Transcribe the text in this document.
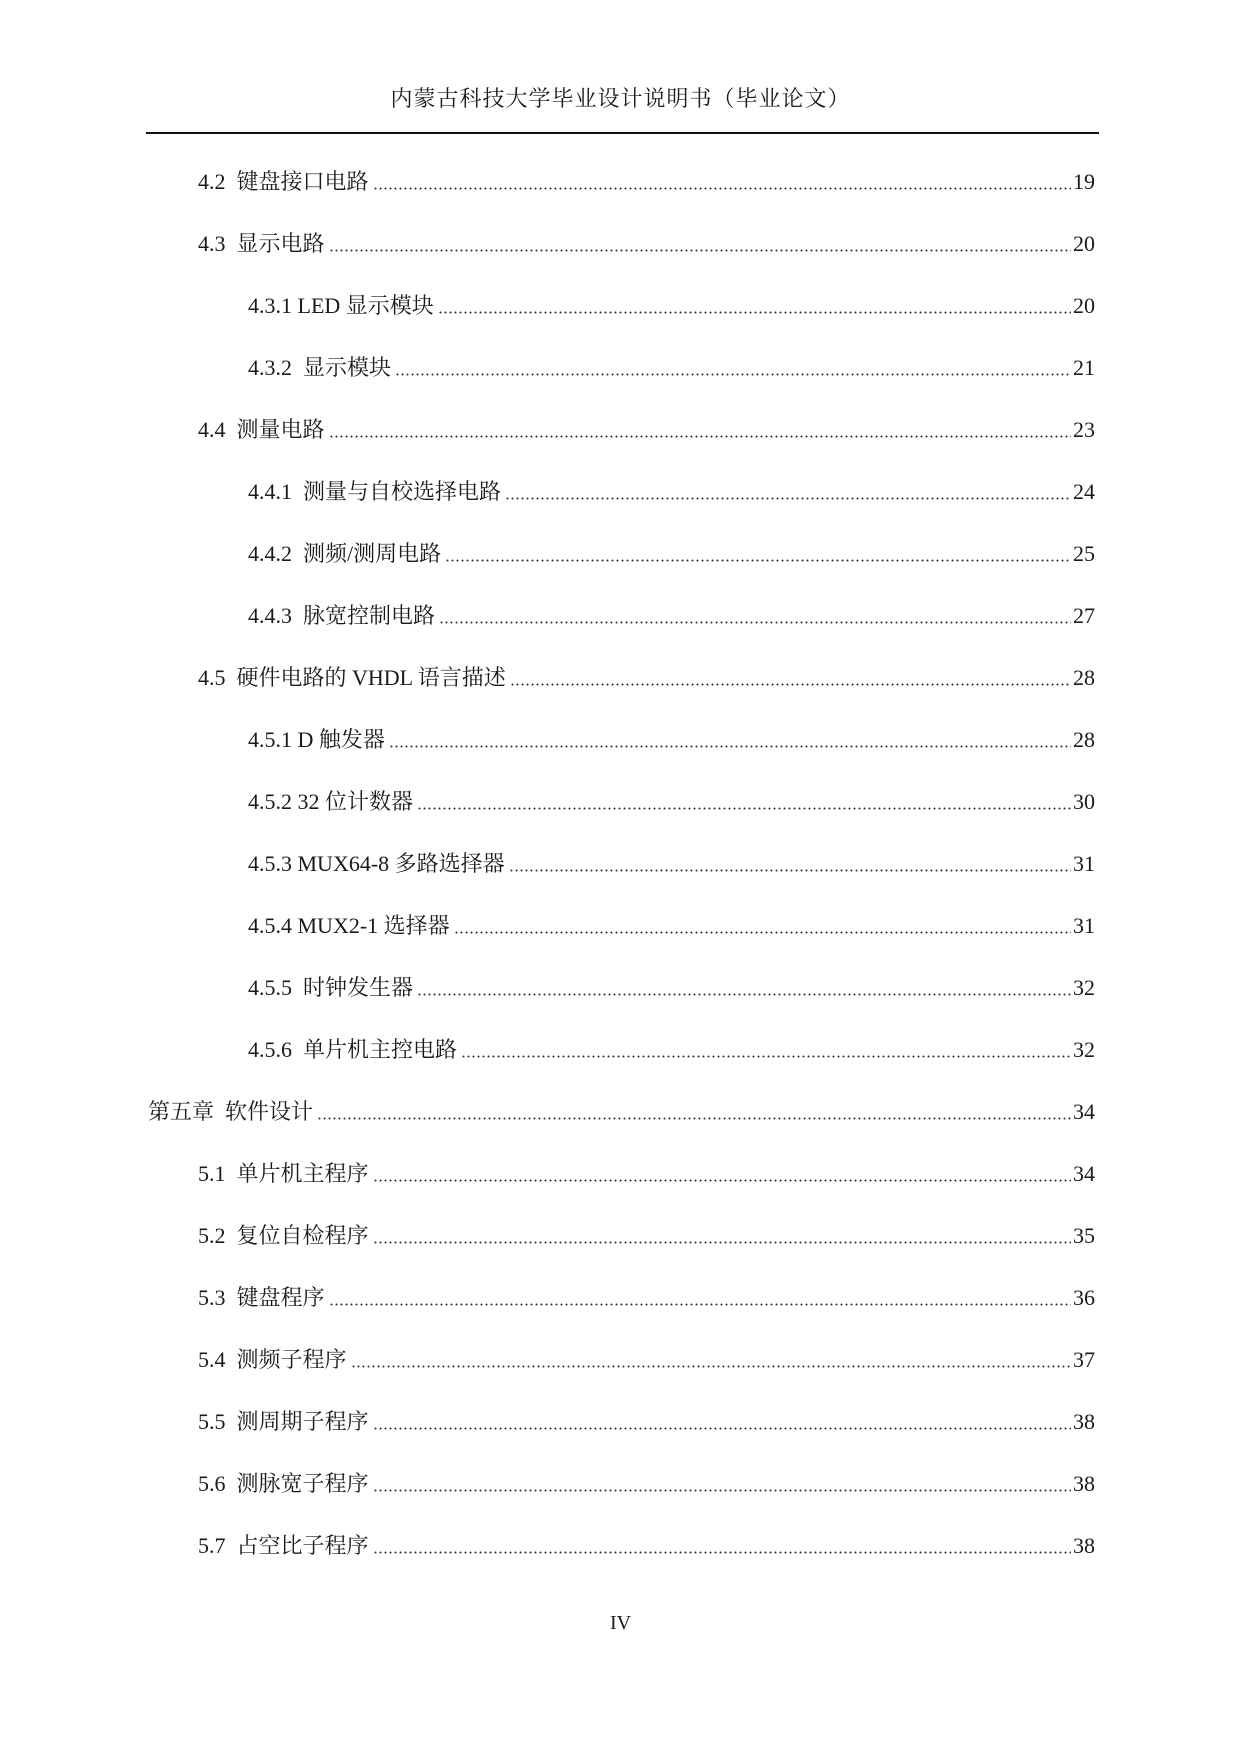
内蒙古科技大学毕业设计说明书（毕业论文）
4.2  键盘接口电路	19
4.3  显示电路	20
4.3.1 LED 显示模块	20
4.3.2  显示模块	21
4.4  测量电路	23
4.4.1  测量与自校选择电路	24
4.4.2  测频/测周电路	25
4.4.3  脉宽控制电路	27
4.5  硬件电路的 VHDL 语言描述	28
4.5.1 D 触发器	28
4.5.2 32 位计数器	30
4.5.3 MUX64-8 多路选择器	31
4.5.4 MUX2-1 选择器	31
4.5.5  时钟发生器	32
4.5.6  单片机主控电路	32
第五章  软件设计	34
5.1  单片机主程序	34
5.2  复位自检程序	35
5.3  键盘程序	36
5.4  测频子程序	37
5.5  测周期子程序	38
5.6  测脉宽子程序	38
5.7  占空比子程序	38
IV
